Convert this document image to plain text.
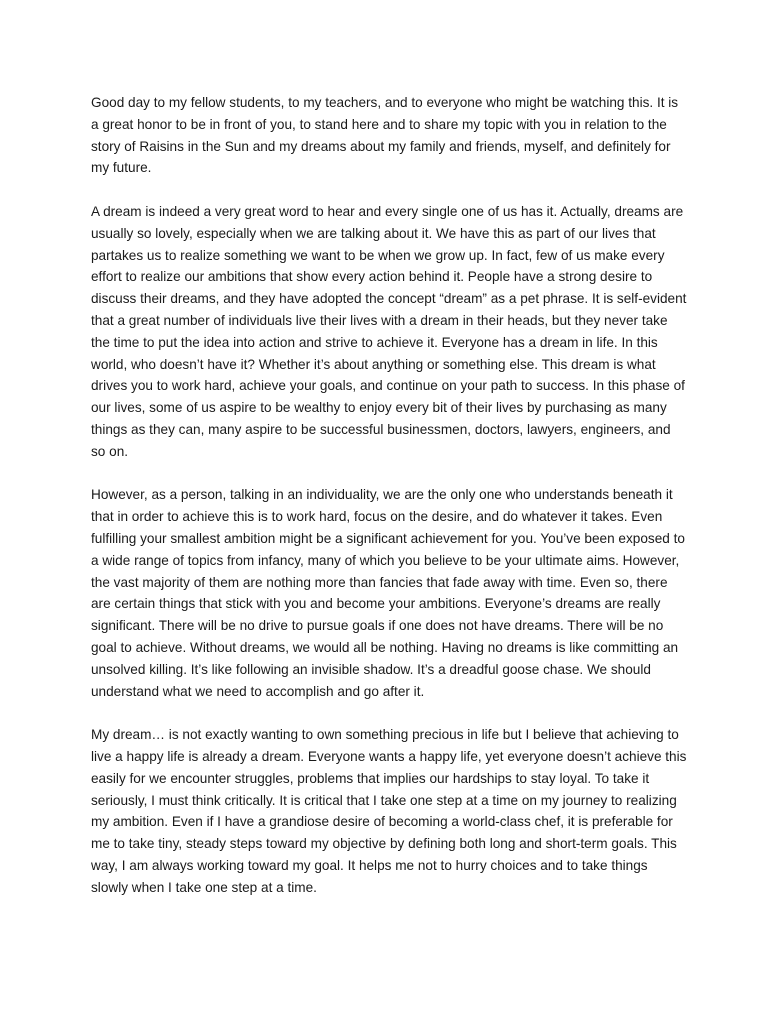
Good day to my fellow students, to my teachers, and to everyone who might be watching this. It is a great honor to be in front of you, to stand here and to share my topic with you in relation to the story of Raisins in the Sun and my dreams about my family and friends, myself, and definitely for my future.

A dream is indeed a very great word to hear and every single one of us has it. Actually, dreams are usually so lovely, especially when we are talking about it. We have this as part of our lives that partakes us to realize something we want to be when we grow up. In fact, few of us make every effort to realize our ambitions that show every action behind it. People have a strong desire to discuss their dreams, and they have adopted the concept “dream” as a pet phrase. It is self-evident that a great number of individuals live their lives with a dream in their heads, but they never take the time to put the idea into action and strive to achieve it. Everyone has a dream in life. In this world, who doesn’t have it? Whether it’s about anything or something else. This dream is what drives you to work hard, achieve your goals, and continue on your path to success. In this phase of our lives, some of us aspire to be wealthy to enjoy every bit of their lives by purchasing as many things as they can, many aspire to be successful businessmen, doctors, lawyers, engineers, and so on.

However, as a person, talking in an individuality, we are the only one who understands beneath it that in order to achieve this is to work hard, focus on the desire, and do whatever it takes. Even fulfilling your smallest ambition might be a significant achievement for you. You’ve been exposed to a wide range of topics from infancy, many of which you believe to be your ultimate aims. However, the vast majority of them are nothing more than fancies that fade away with time. Even so, there are certain things that stick with you and become your ambitions. Everyone’s dreams are really significant. There will be no drive to pursue goals if one does not have dreams. There will be no goal to achieve. Without dreams, we would all be nothing. Having no dreams is like committing an unsolved killing. It’s like following an invisible shadow. It’s a dreadful goose chase. We should understand what we need to accomplish and go after it.

My dream… is not exactly wanting to own something precious in life but I believe that achieving to live a happy life is already a dream. Everyone wants a happy life, yet everyone doesn’t achieve this easily for we encounter struggles, problems that implies our hardships to stay loyal. To take it seriously, I must think critically. It is critical that I take one step at a time on my journey to realizing my ambition. Even if I have a grandiose desire of becoming a world-class chef, it is preferable for me to take tiny, steady steps toward my objective by defining both long and short-term goals. This way, I am always working toward my goal. It helps me not to hurry choices and to take things slowly when I take one step at a time.
